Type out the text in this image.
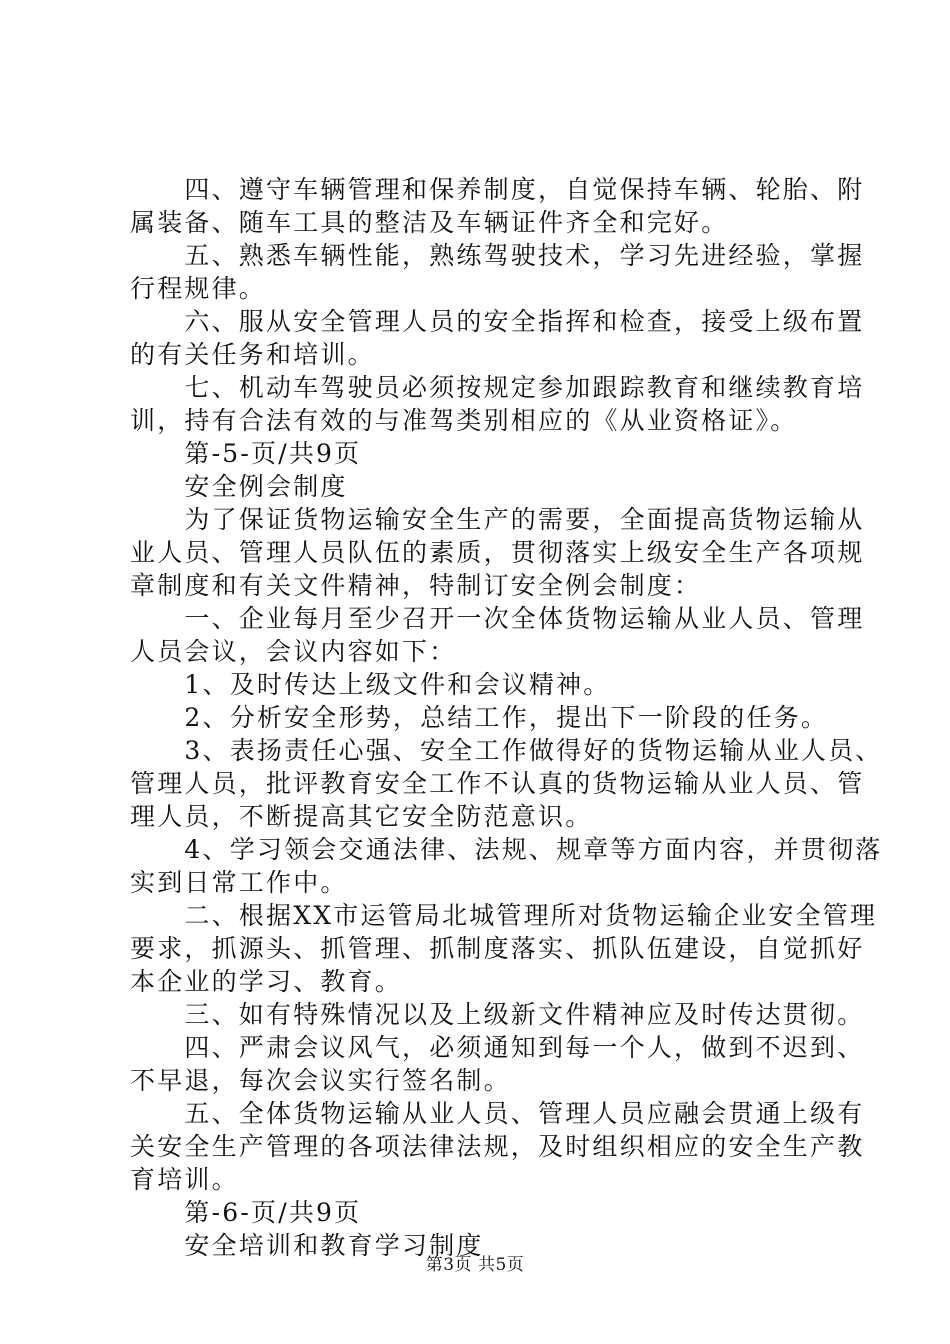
　　四、遵守车辆管理和保养制度，自觉保持车辆、轮胎、附
属装备、随车工具的整洁及车辆证件齐全和完好。
　　五、熟悉车辆性能，熟练驾驶技术，学习先进经验，掌握
行程规律。
　　六、服从安全管理人员的安全指挥和检查，接受上级布置
的有关任务和培训。
　　七、机动车驾驶员必须按规定参加跟踪教育和继续教育培
训，持有合法有效的与准驾类别相应的《从业资格证》。
　　第-5-页/共9页
　　安全例会制度
　　为了保证货物运输安全生产的需要，全面提高货物运输从
业人员、管理人员队伍的素质，贯彻落实上级安全生产各项规
章制度和有关文件精神，特制订安全例会制度：
　　一、企业每月至少召开一次全体货物运输从业人员、管理
人员会议，会议内容如下：
　　1、及时传达上级文件和会议精神。
　　2、分析安全形势，总结工作，提出下一阶段的任务。
　　3、表扬责任心强、安全工作做得好的货物运输从业人员、
管理人员，批评教育安全工作不认真的货物运输从业人员、管
理人员，不断提高其它安全防范意识。
　　4、学习领会交通法律、法规、规章等方面内容，并贯彻落
实到日常工作中。
　　二、根据XX市运管局北城管理所对货物运输企业安全管理
要求，抓源头、抓管理、抓制度落实、抓队伍建设，自觉抓好
本企业的学习、教育。
　　三、如有特殊情况以及上级新文件精神应及时传达贯彻。
　　四、严肃会议风气，必须通知到每一个人，做到不迟到、
不早退，每次会议实行签名制。
　　五、全体货物运输从业人员、管理人员应融会贯通上级有
关安全生产管理的各项法律法规，及时组织相应的安全生产教
育培训。
　　第-6-页/共9页
　　安全培训和教育学习制度
第3页 共5页
